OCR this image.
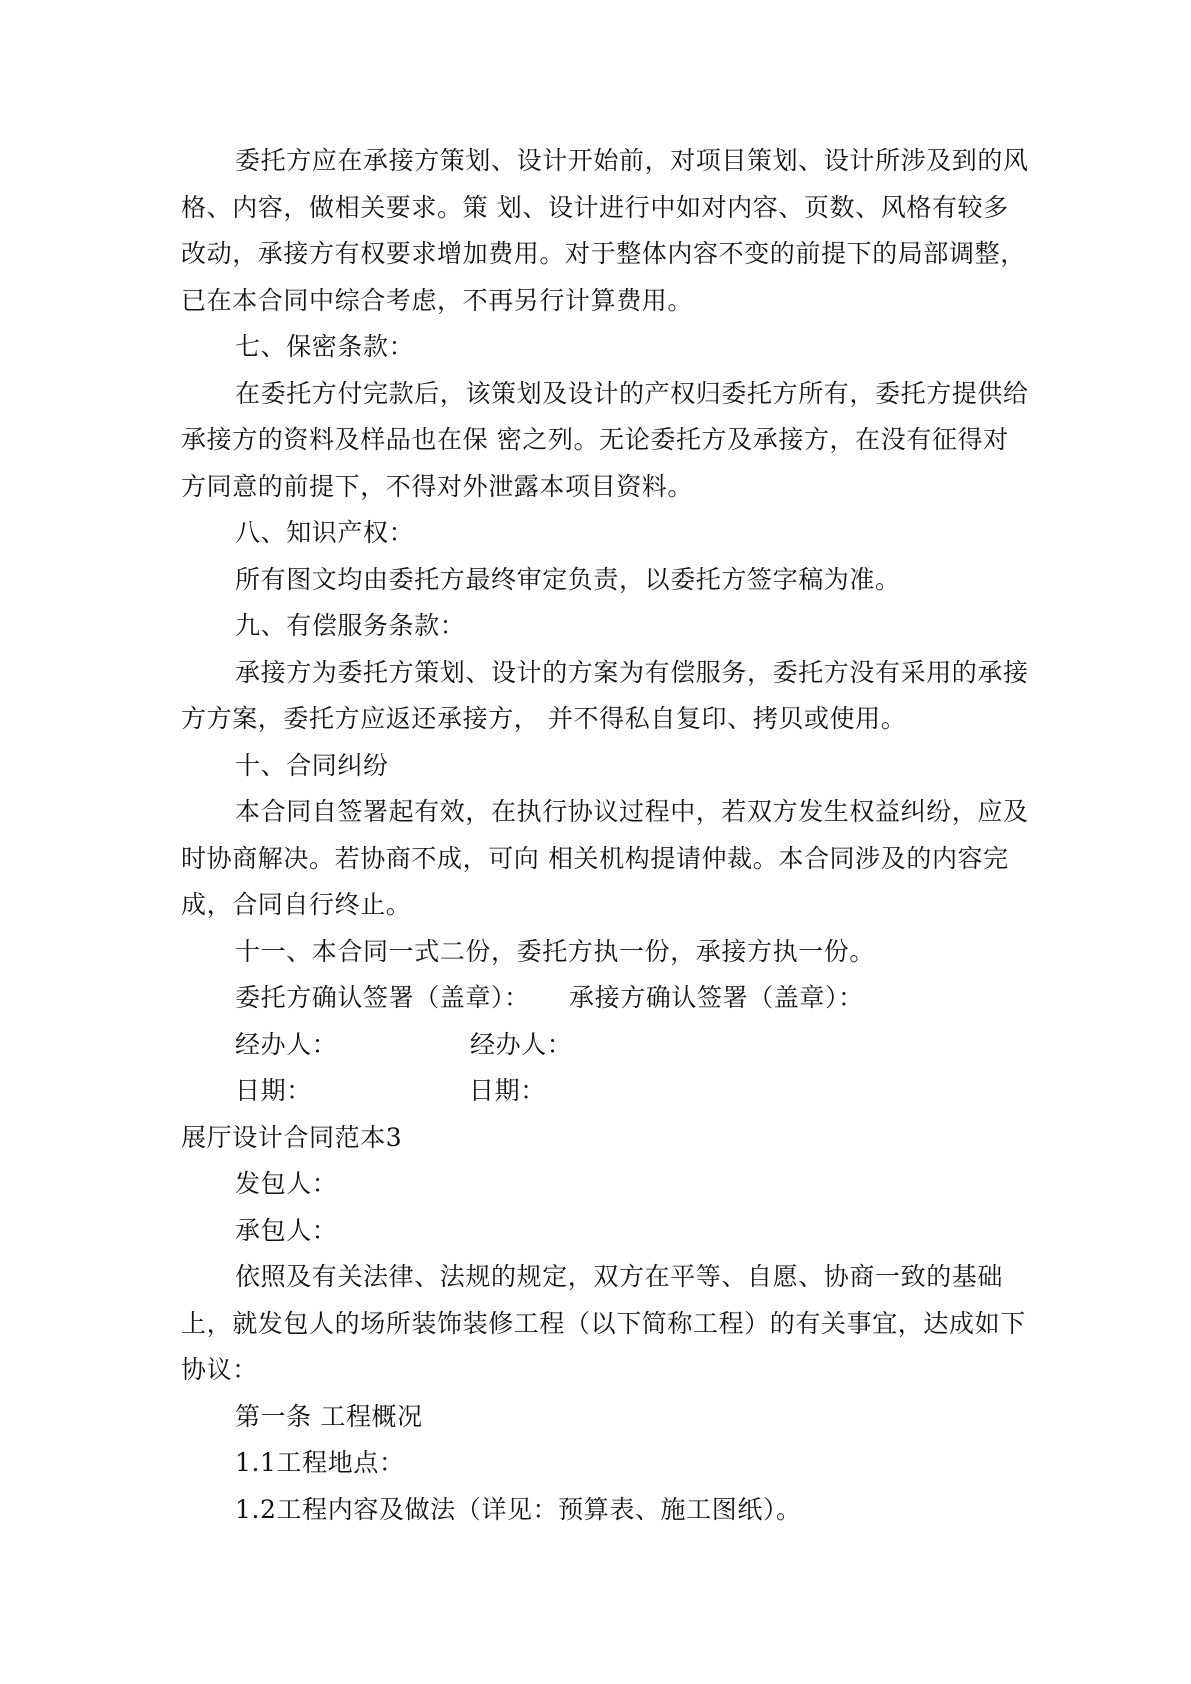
委托方应在承接方策划、设计开始前，对项目策划、设计所涉及到的风格、内容，做相关要求。策 划、设计进行中如对内容、页数、风格有较多改动，承接方有权要求增加费用。对于整体内容不变的前提下的局部调整，已在本合同中综合考虑，不再另行计算费用。

七、保密条款：

在委托方付完款后，该策划及设计的产权归委托方所有，委托方提供给承接方的资料及样品也在保 密之列。无论委托方及承接方，在没有征得对方同意的前提下，不得对外泄露本项目资料。

八、知识产权：

所有图文均由委托方最终审定负责，以委托方签字稿为准。

九、有偿服务条款：

承接方为委托方策划、设计的方案为有偿服务，委托方没有采用的承接方方案，委托方应返还承接方， 并不得私自复印、拷贝或使用。

十、合同纠纷

本合同自签署起有效，在执行协议过程中，若双方发生权益纠纷，应及时协商解决。若协商不成，可向 相关机构提请仲裁。本合同涉及的内容完成，合同自行终止。

十一、本合同一式二份，委托方执一份，承接方执一份。

委托方确认签署（盖章）：	承接方确认签署（盖章）：
经办人：	经办人：
日期：	日期：

展厅设计合同范本3

发包人：

承包人：

依照及有关法律、法规的规定，双方在平等、自愿、协商一致的基础上，就发包人的场所装饰装修工程（以下简称工程）的有关事宜，达成如下协议：

第一条 工程概况

1.1工程地点：

1.2工程内容及做法（详见：预算表、施工图纸）。
